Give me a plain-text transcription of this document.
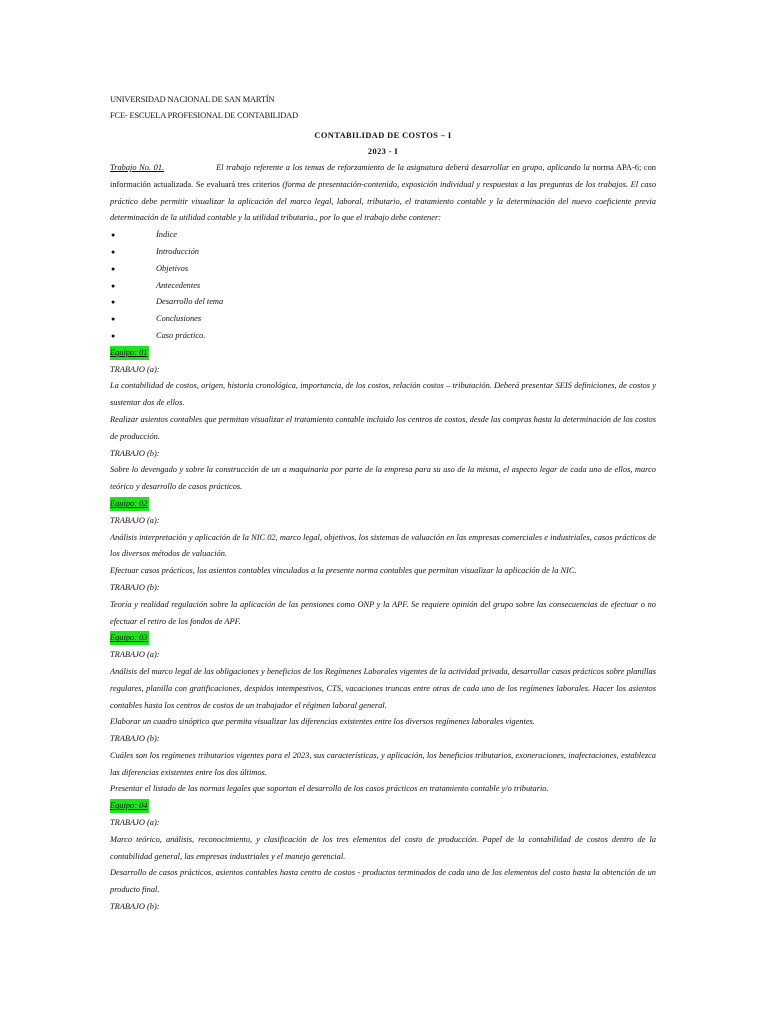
UNIVERSIDAD NACIONAL DE SAN MARTÍN
FCE- ESCUELA PROFESIONAL DE CONTABILIDAD
CONTABILIDAD DE COSTOS – I
2023 - I

Trabajo No. 01.	El trabajo referente a los temas de reforzamiento de la asignatura deberá desarrollar en grupo, aplicando la norma APA-6; con información actualizada. Se evaluará tres criterios (forma de presentación-contenido, exposición individual y respuestas a las preguntas de los trabajos. El caso práctico debe permitir visualizar la aplicación del marco legal, laboral, tributario, el tratamiento contable y la determinación del nuevo coeficiente previa determinación de la utilidad contable y la utilidad tributaria., por lo que el trabajo debe contener:

●	Índice
●	Introducción
●	Objetivos
●	Antecedentes
●	Desarrollo del tema
●	Conclusiones
●	Caso práctico.
Equipo: 01
TRABAJO (a):

La contabilidad de costos, origen, historia cronológica, importancia, de los costos, relación costos – tributación. Deberá presentar SEIS definiciones, de costos y sustentar dos de ellos.

Realizar asientos contables que permitan visualizar el tratamiento contable incluido los centros de costos, desde las compras hasta la determinación de los costos de producción.

TRABAJO (b):

Sobre lo devengado y sobre la construcción de un a maquinaria por parte de la empresa para su uso de la misma, el aspecto legar de cada uno de ellos, marco teórico y desarrollo de casos prácticos.

Equipo: 02
TRABAJO (a):

Análisis interpretación y aplicación de la NIC 02, marco legal, objetivos, los sistemas de valuación en las empresas comerciales e industriales, casos prácticos de los diversos métodos de valuación.

Efectuar casos prácticos, los asientos contables vinculados a la presente norma contables que permitan visualizar la aplicación de la NIC.

TRABAJO (b):

Teoría y realidad regulación sobre la aplicación de las pensiones como ONP y la APF. Se requiere opinión del grupo sobre las consecuencias de efectuar o no efectuar el retiro de los fondos de APF.

Equipo: 03
TRABAJO (a):

Análisis del marco legal de las obligaciones y beneficios de los Regímenes Laborales vigentes de la actividad privada, desarrollar casos prácticos sobre planillas regulares, planilla con gratificaciones, despidos intempestivos, CTS, vacaciones truncas entre otras de cada uno de los regímenes laborales. Hacer los asientos contables hasta los centros de costos de un trabajador el régimen laboral general.

Elaborar un cuadro sinóptico que permita visualizar las diferencias existentes entre los diversos regímenes laborales vigentes.

TRABAJO (b):

Cuáles son los regímenes tributarios vigentes para el 2023, sus características, y aplicación, los beneficios tributarios, exoneraciones, inafectaciones, establezca las diferencias existentes entre los dos últimos.

Presentar el listado de las normas legales que soportan el desarrollo de los casos prácticos en tratamiento contable y/o tributario.

Equipo: 04
TRABAJO (a):

Marco teórico, análisis, reconocimiento, y clasificación de los tres elementos del costo de producción. Papel de la contabilidad de costos dentro de la contabilidad general, las empresas industriales y el manejo gerencial.

Desarrollo de casos prácticos, asientos contables hasta centro de costos - productos terminados de cada uno de los elementos del costo hasta la obtención de un producto final.

TRABAJO (b):
